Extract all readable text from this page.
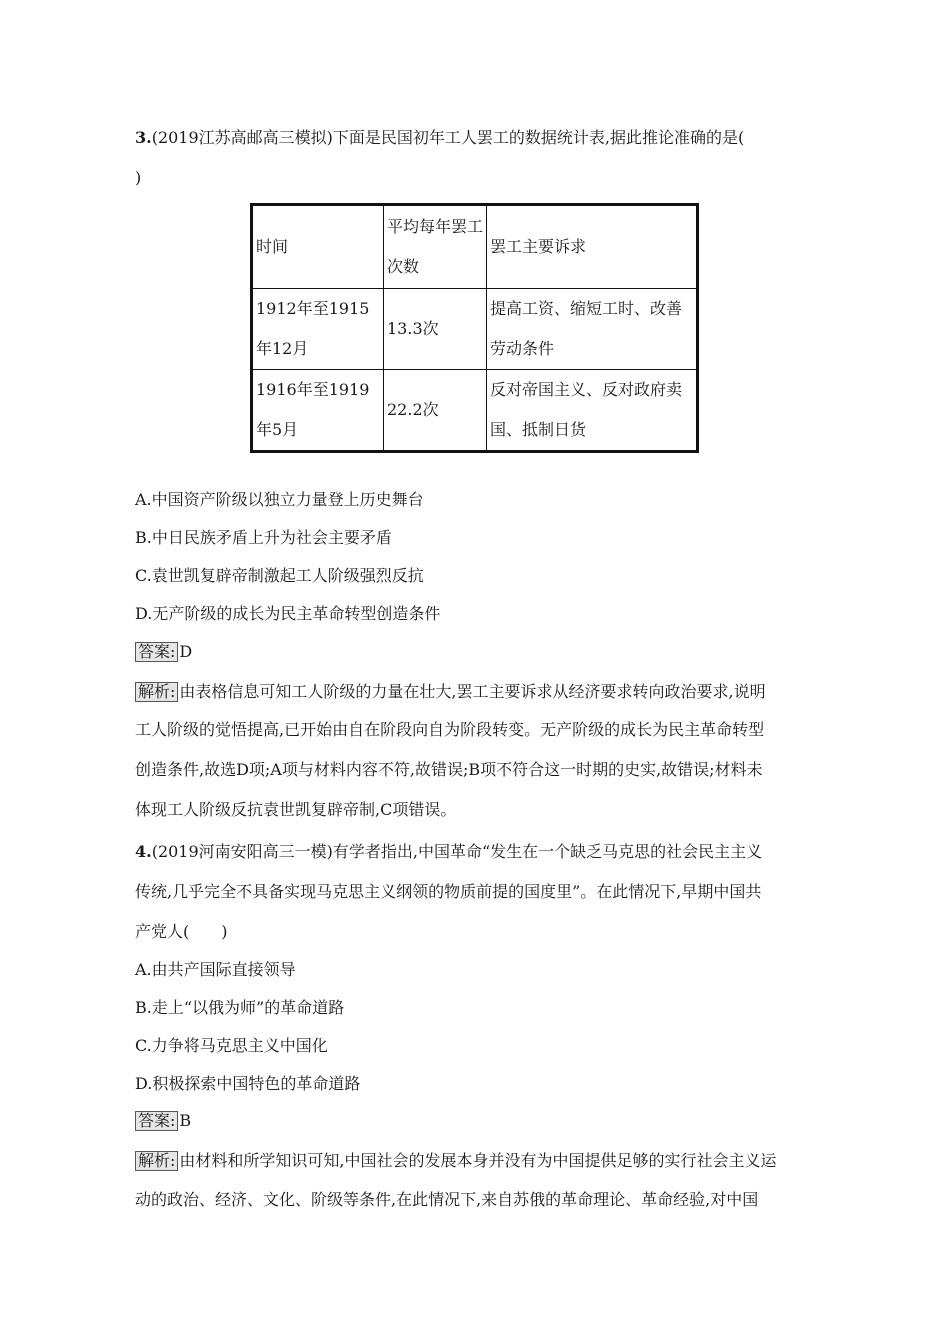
3.(2019江苏高邮高三模拟)下面是民国初年工人罢工的数据统计表,据此推论准确的是(
)
时间	平均每年罢工次数	罢工主要诉求
1912年至1915年12月	13.3次	提高工资、缩短工时、改善劳动条件
1916年至1919年5月	22.2次	反对帝国主义、反对政府卖国、抵制日货
A.中国资产阶级以独立力量登上历史舞台
B.中日民族矛盾上升为社会主要矛盾
C.袁世凯复辟帝制激起工人阶级强烈反抗
D.无产阶级的成长为民主革命转型创造条件
答案: D
解析: 由表格信息可知工人阶级的力量在壮大,罢工主要诉求从经济要求转向政治要求,说明
工人阶级的觉悟提高,已开始由自在阶段向自为阶段转变。无产阶级的成长为民主革命转型
创造条件,故选D项;A项与材料内容不符,故错误;B项不符合这一时期的史实,故错误;材料未
体现工人阶级反抗袁世凯复辟帝制,C项错误。
4.(2019河南安阳高三一模)有学者指出,中国革命“发生在一个缺乏马克思的社会民主主义
传统,几乎完全不具备实现马克思主义纲领的物质前提的国度里”。在此情况下,早期中国共
产党人(　　)
A.由共产国际直接领导
B.走上“以俄为师”的革命道路
C.力争将马克思主义中国化
D.积极探索中国特色的革命道路
答案: B
解析: 由材料和所学知识可知,中国社会的发展本身并没有为中国提供足够的实行社会主义运
动的政治、经济、文化、阶级等条件,在此情况下,来自苏俄的革命理论、革命经验,对中国
